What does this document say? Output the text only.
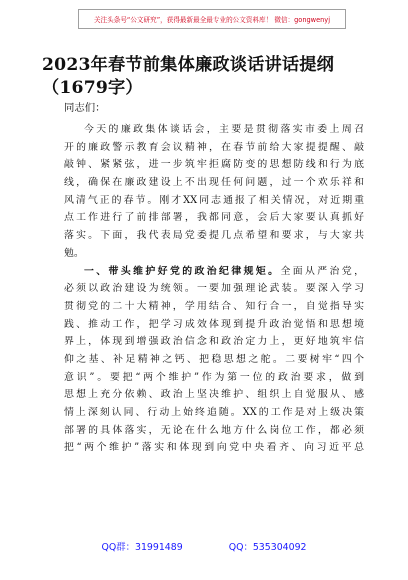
关注头条号“公文研究”，获得最新最全最专业的公文资料库！ 微信：gongwenyj
2023年春节前集体廉政谈话讲话提纲
（1679字）
同志们：
今天的廉政集体谈话会，主要是贯彻落实市委上周召
开的廉政警示教育会议精神，在春节前给大家提提醒、敲
敲钟、紧紧弦，进一步筑牢拒腐防变的思想防线和行为底
线，确保在廉政建设上不出现任何问题，过一个欢乐祥和
风清气正的春节。刚才XX同志通报了相关情况，对近期重
点工作进行了前排部署，我都同意，会后大家要认真抓好
落实。下面，我代表局党委提几点希望和要求，与大家共
勉。
一、带头维护好党的政治纪律规矩。全面从严治党，
必须以政治建设为统领。一要加强理论武装。要深入学习
贯彻党的二十大精神，学用结合、知行合一，自觉指导实
践、推动工作，把学习成效体现到提升政治觉悟和思想境
界上，体现到增强政治信念和政治定力上，更好地筑牢信
仰之基、补足精神之钙、把稳思想之舵。二要树牢“四个
意识”。要把“两个维护”作为第一位的政治要求，做到
思想上充分依赖、政治上坚决维护、组织上自觉服从、感
情上深刻认同、行动上始终追随。XX的工作是对上级决策
部署的具体落实，无论在什么地方什么岗位工作，都必须
把“两个维护”落实和体现到向党中央看齐、向习近平总
QQ群：31991489	QQ：535304092
